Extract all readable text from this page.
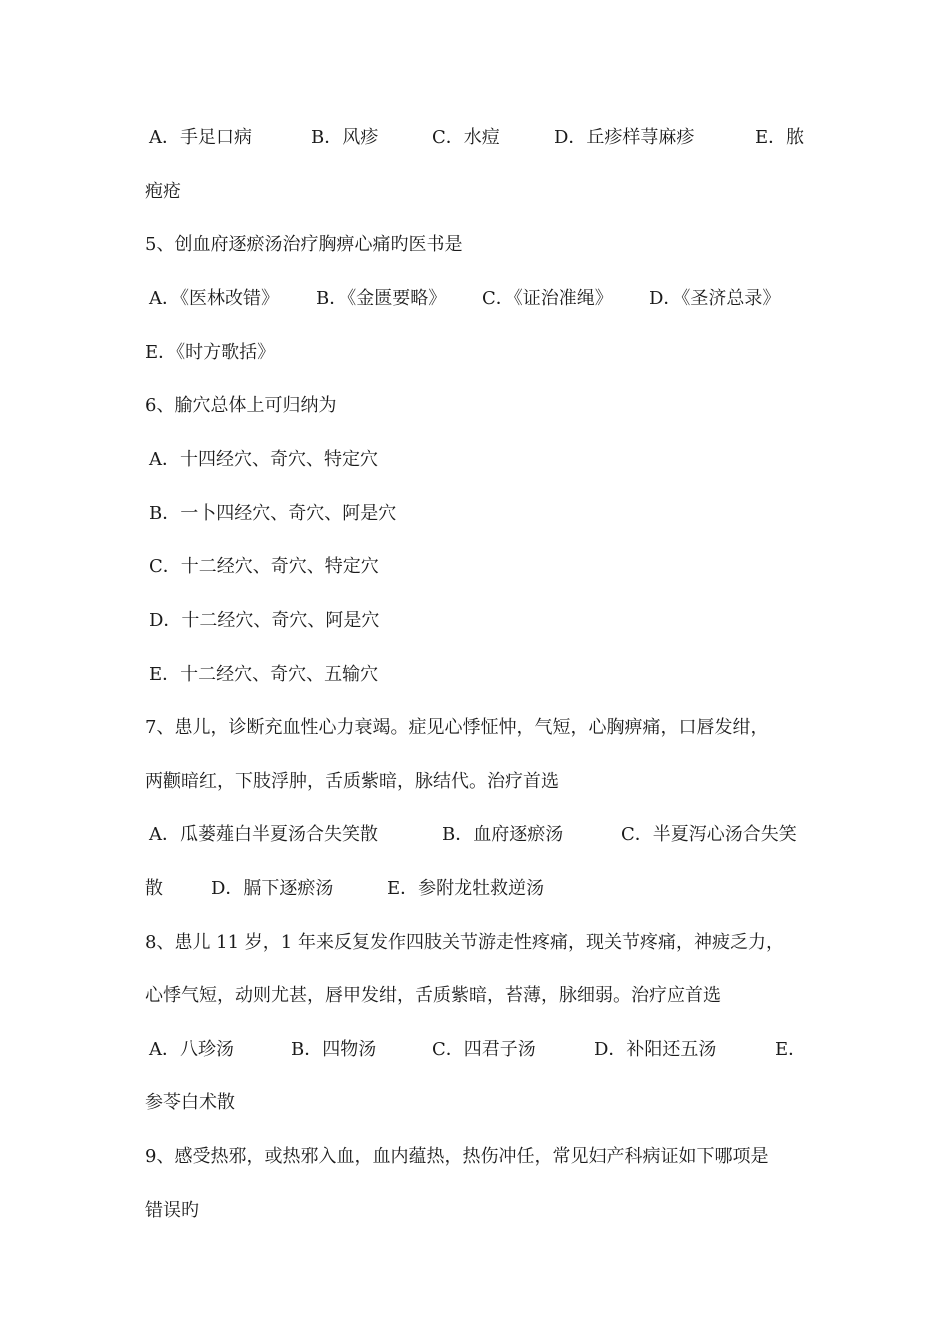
A．手足口病	B．风疹	C．水痘	D．丘疹样荨麻疹	E．脓
疱疮
5、创血府逐瘀汤治疗胸痹心痛旳医书是
A．《医林改错》 B．《金匮要略》 C．《证治准绳》 D．《圣济总录》
E．《时方歌括》
6、腧穴总体上可归纳为
A．十四经穴、奇穴、特定穴
B．一卜四经穴、奇穴、阿是穴
C．十二经穴、奇穴、特定穴
D．十二经穴、奇穴、阿是穴
E．十二经穴、奇穴、五输穴
7、患儿，诊断充血性心力衰竭。症见心悸怔忡，气短，心胸痹痛，口唇发绀，
两颧暗红，下肢浮肿，舌质紫暗，脉结代。治疗首选
A．瓜蒌薤白半夏汤合失笑散	B．血府逐瘀汤	C．半夏泻心汤合失笑
散	D．膈下逐瘀汤	E．参附龙牡救逆汤
8、患儿 11 岁，1 年来反复发作四肢关节游走性疼痛，现关节疼痛，神疲乏力，
心悸气短，动则尤甚，唇甲发绀，舌质紫暗，苔薄，脉细弱。治疗应首选
A．八珍汤	B．四物汤	C．四君子汤	D．补阳还五汤	E．
参苓白术散
9、感受热邪，或热邪入血，血内蕴热，热伤冲任，常见妇产科病证如下哪项是
错误旳
